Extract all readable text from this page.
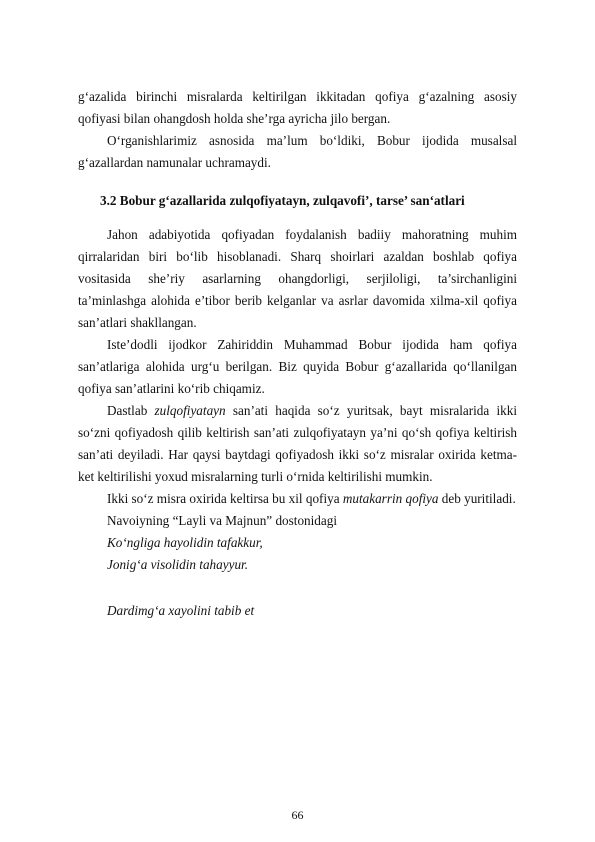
g‘azalida birinchi misralarda keltirilgan ikkitadan qofiya g‘azalning asosiy qofiyasi bilan ohangdosh holda she’rga ayricha jilo bergan.

O‘rganishlarimiz asnosida ma’lum bo‘ldiki, Bobur ijodida musalsal g‘azallardan namunalar uchramaydi.

3.2 Bobur g‘azallarida zulqofiyatayn, zulqavofi’, tarse’ san‘atlari

Jahon adabiyotida qofiyadan foydalanish badiiy mahoratning muhim qirralaridan biri bo‘lib hisoblanadi. Sharq shoirlari azaldan boshlab qofiya vositasida she’riy asarlarning ohangdorligi, serjiloligi, ta’sirchanligini ta’minlashga alohida e’tibor berib kelganlar va asrlar davomida xilma-xil qofiya san’atlari shakllangan.

Iste’dodli ijodkor Zahiriddin Muhammad Bobur ijodida ham qofiya san’atlariga alohida urg‘u berilgan. Biz quyida Bobur g‘azallarida qo‘llanilgan qofiya san’atlarini ko‘rib chiqamiz.

Dastlab zulqofiyatayn san’ati haqida so‘z yuritsak, bayt misralarida ikki so‘zni qofiyadosh qilib keltirish san’ati zulqofiyatayn ya’ni qo‘sh qofiya keltirish san’ati deyiladi. Har qaysi baytdagi qofiyadosh ikki so‘z misralar oxirida ketma-ket keltirilishi yoxud misralarning turli o‘rnida keltirilishi mumkin.

Ikki so‘z misra oxirida keltirsa bu xil qofiya mutakarrin qofiya deb yuritiladi.

Navoiyning “Layli va Majnun” dostonidagi

Ko‘ngliga hayolidin tafakkur,

Jonig‘a visolidin tahayyur.

Dardimg‘a xayolini tabib et

66
